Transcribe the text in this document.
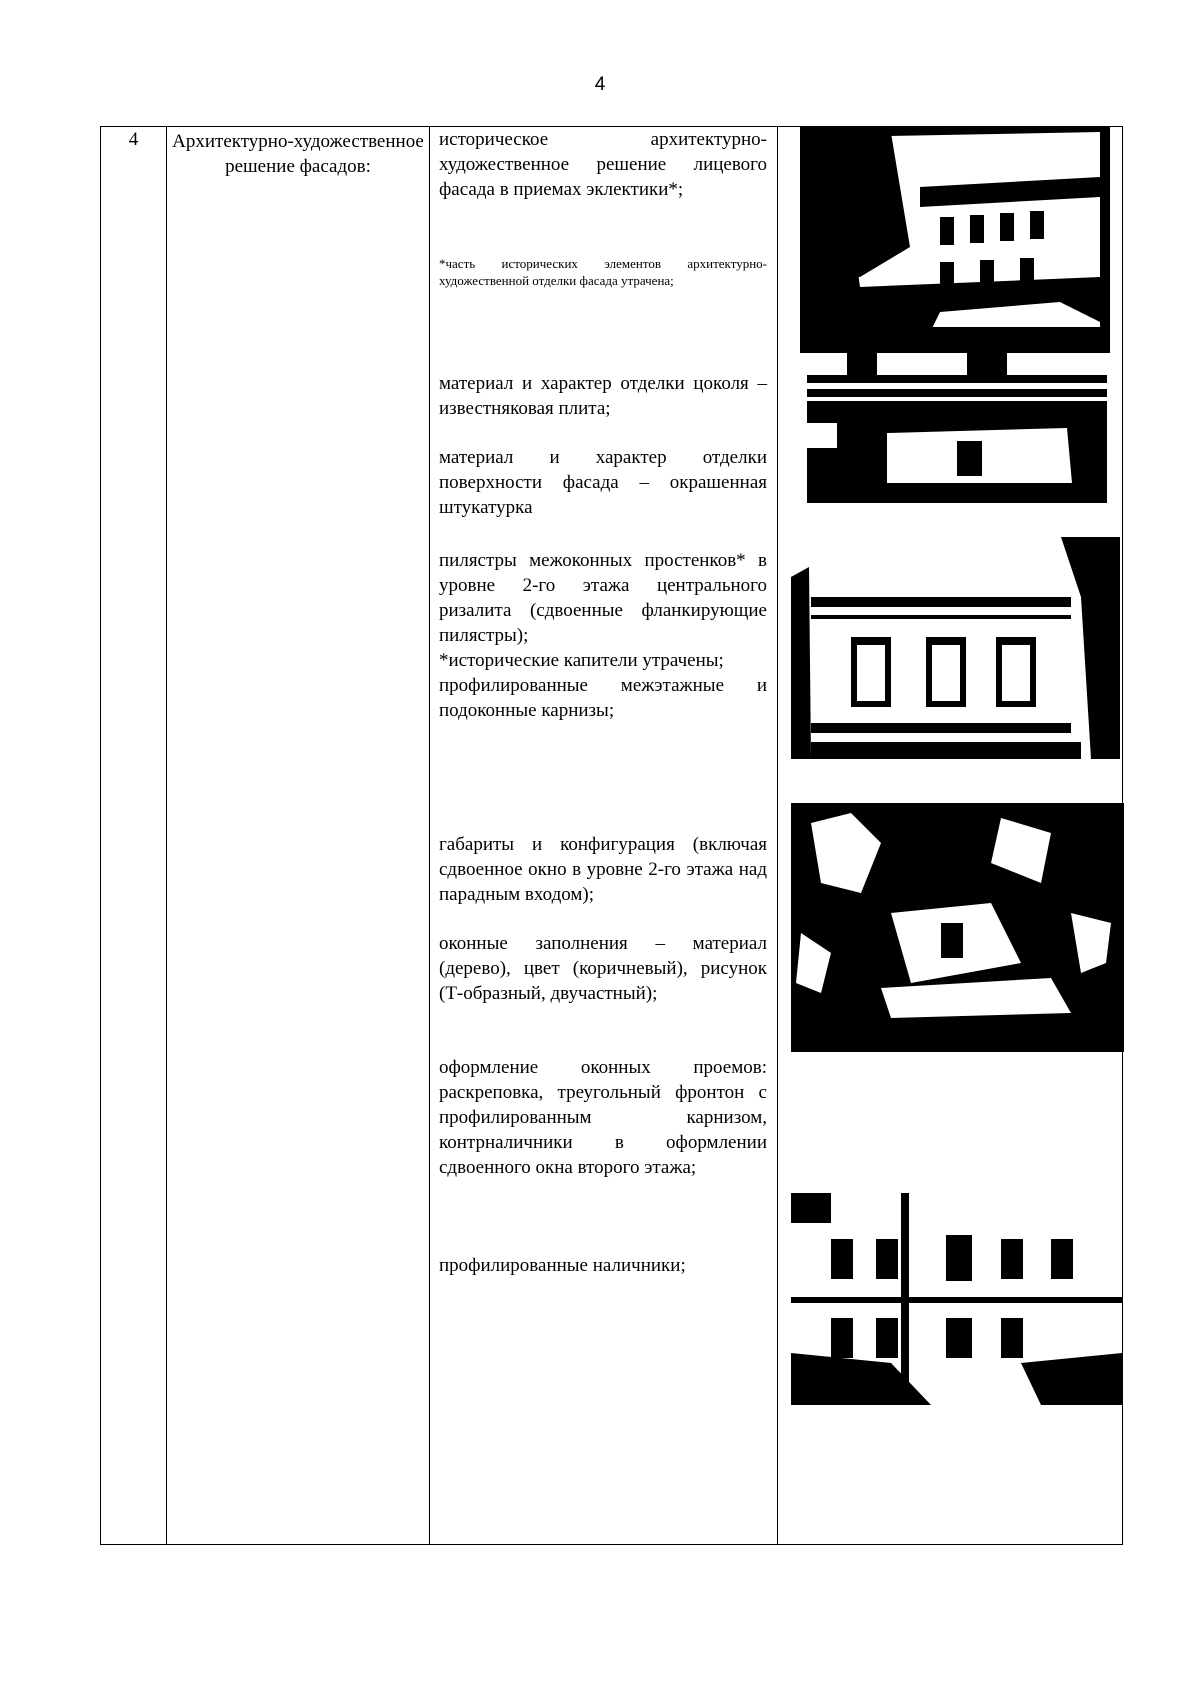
4
4	Архитектурно-художественное решение фасадов:

историческое архитектурно-художественное решение лицевого фасада в приемах эклектики*;

*часть исторических элементов архитектурно-художественной отделки фасада утрачена;

материал и характер отделки цоколя – известняковая плита;

материал и характер отделки поверхности фасада – окрашенная штукатурка

пилястры межоконных простенков* в уровне 2-го этажа центрального ризалита (сдвоенные фланкирующие пилястры);

*исторические капители утрачены;

профилированные межэтажные и подоконные карнизы;

габариты и конфигурация (включая сдвоенное окно в уровне 2-го этажа над парадным входом);

оконные заполнения – материал (дерево), цвет (коричневый), рисунок (Т-образный, двучастный);

оформление оконных проемов: раскреповка, треугольный фронтон с профилированным карнизом, контрналичники в оформлении сдвоенного окна второго этажа;

профилированные наличники;
